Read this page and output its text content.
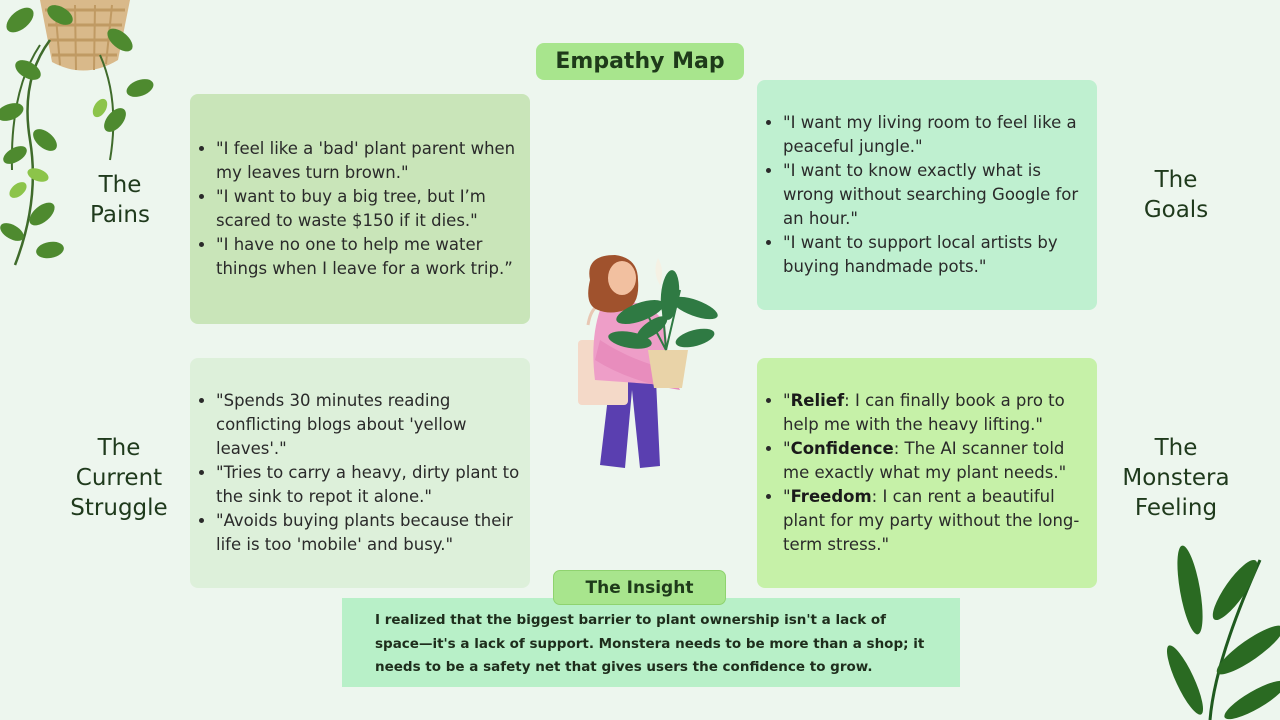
Empathy Map
The Pains
• "I feel like a 'bad' plant parent when my leaves turn brown."
• "I want to buy a big tree, but I’m scared to waste $150 if it dies."
• "I have no one to help me water things when I leave for a work trip.”
• "I want my living room to feel like a peaceful jungle."
• "I want to know exactly what is wrong without searching Google for an hour."
• "I want to support local artists by buying handmade pots."
The Goals
The Current Struggle
• "Spends 30 minutes reading conflicting blogs about 'yellow leaves'."
• "Tries to carry a heavy, dirty plant to the sink to repot it alone."
• "Avoids buying plants because their life is too 'mobile' and busy."
• "Relief: I can finally book a pro to help me with the heavy lifting."
• "Confidence: The AI scanner told me exactly what my plant needs."
• "Freedom: I can rent a beautiful plant for my party without the long-term stress."
The Monstera Feeling
The Insight
I realized that the biggest barrier to plant ownership isn't a lack of space—it's a lack of support. Monstera needs to be more than a shop; it needs to be a safety net that gives users the confidence to grow.
